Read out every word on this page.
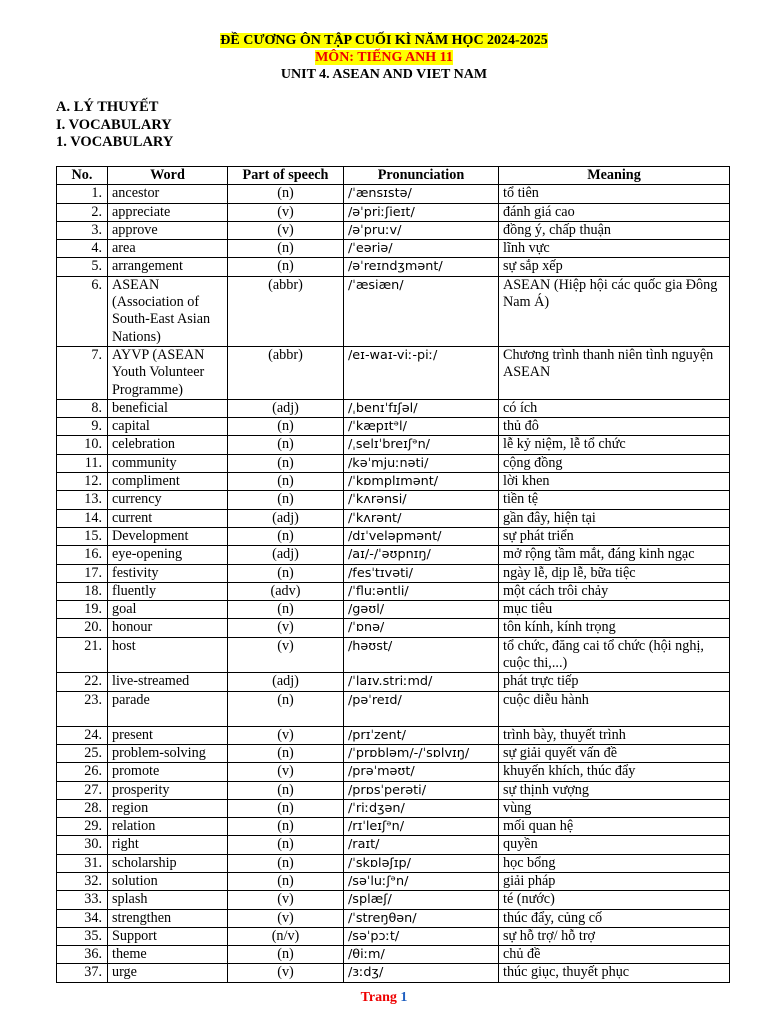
ĐỀ CƯƠNG ÔN TẬP CUỐI KÌ NĂM HỌC 2024-2025
MÔN: TIẾNG ANH 11
UNIT 4. ASEAN AND VIET NAM
A. LÝ THUYẾT
I. VOCABULARY
1. VOCABULARY
No.	Word	Part of speech	Pronunciation	Meaning
1.	ancestor	(n)	/ˈænsɪstə/	tổ tiên
2.	appreciate	(v)	/əˈpriːʃieɪt/	đánh giá cao
3.	approve	(v)	/əˈpruːv/	đồng ý, chấp thuận
4.	area	(n)	/ˈeəriə/	lĩnh vực
5.	arrangement	(n)	/əˈreɪndʒmənt/	sự sắp xếp
6.	ASEAN (Association of South-East Asian Nations)	(abbr)	/ˈæsiæn/	ASEAN (Hiệp hội các quốc gia Đông Nam Á)
7.	AYVP (ASEAN Youth Volunteer Programme)	(abbr)	/eɪ-waɪ-viː-piː/	Chương trình thanh niên tình nguyện ASEAN
8.	beneficial	(adj)	/ˌbenɪˈfɪʃəl/	có ích
9.	capital	(n)	/ˈkæpɪtᵊl/	thủ đô
10.	celebration	(n)	/ˌselɪˈbreɪʃᵊn/	lễ kỷ niệm, lễ tổ chức
11.	community	(n)	/kəˈmjuːnəti/	cộng đồng
12.	compliment	(n)	/ˈkɒmplɪmənt/	lời khen
13.	currency	(n)	/ˈkʌrənsi/	tiền tệ
14.	current	(adj)	/ˈkʌrənt/	gần đây, hiện tại
15.	Development	(n)	/dɪˈveləpmənt/	sự phát triển
16.	eye-opening	(adj)	/aɪ/-/ˈəʊpnɪŋ/	mở rộng tầm mắt, đáng kinh ngạc
17.	festivity	(n)	/fesˈtɪvəti/	ngày lễ, dịp lễ, bữa tiệc
18.	fluently	(adv)	/ˈfluːəntli/	một cách trôi chảy
19.	goal	(n)	/gəʊl/	mục tiêu
20.	honour	(v)	/ˈɒnə/	tôn kính, kính trọng
21.	host	(v)	/həʊst/	tổ chức, đăng cai tổ chức (hội nghị, cuộc thi,...)
22.	live-streamed	(adj)	/ˈlaɪv.striːmd/	phát trực tiếp
23.	parade	(n)	/pəˈreɪd/	cuộc diễu hành
24.	present	(v)	/prɪˈzent/	trình bày, thuyết trình
25.	problem-solving	(n)	/ˈprɒbləm/-/ˈsɒlvɪŋ/	sự giải quyết vấn đề
26.	promote	(v)	/prəˈməʊt/	khuyến khích, thúc đẩy
27.	prosperity	(n)	/prɒsˈperəti/	sự thịnh vượng
28.	region	(n)	/ˈriːdʒən/	vùng
29.	relation	(n)	/rɪˈleɪʃᵊn/	mối quan hệ
30.	right	(n)	/raɪt/	quyền
31.	scholarship	(n)	/ˈskɒləʃɪp/	học bổng
32.	solution	(n)	/səˈluːʃᵊn/	giải pháp
33.	splash	(v)	/splæʃ/	té (nước)
34.	strengthen	(v)	/ˈstreŋθən/	thúc đẩy, củng cố
35.	Support	(n/v)	/səˈpɔːt/	sự hỗ trợ/ hỗ trợ
36.	theme	(n)	/θiːm/	chủ đề
37.	urge	(v)	/ɜːdʒ/	thúc giục, thuyết phục
Trang 1
